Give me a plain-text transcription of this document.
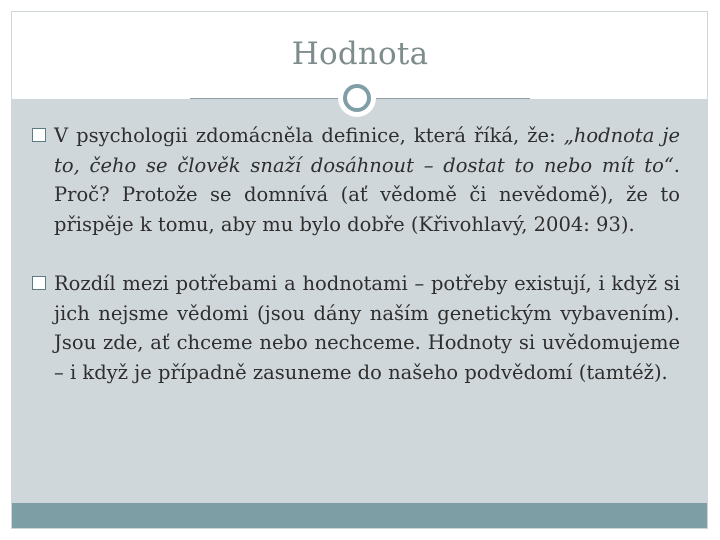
Hodnota
V psychologii zdomácněla definice, která říká, že: „hodnota je to, čeho se člověk snaží dosáhnout – dostat to nebo mít to“. Proč? Protože se domnívá (ať vědomě či nevědomě), že to přispěje k tomu, aby mu bylo dobře (Křivohlavý, 2004: 93).
Rozdíl mezi potřebami a hodnotami – potřeby existují, i když si jich nejsme vědomi (jsou dány naším genetickým vybavením). Jsou zde, ať chceme nebo nechceme. Hodnoty si uvědomujeme – i když je případně zasuneme do našeho podvědomí (tamtéž).
